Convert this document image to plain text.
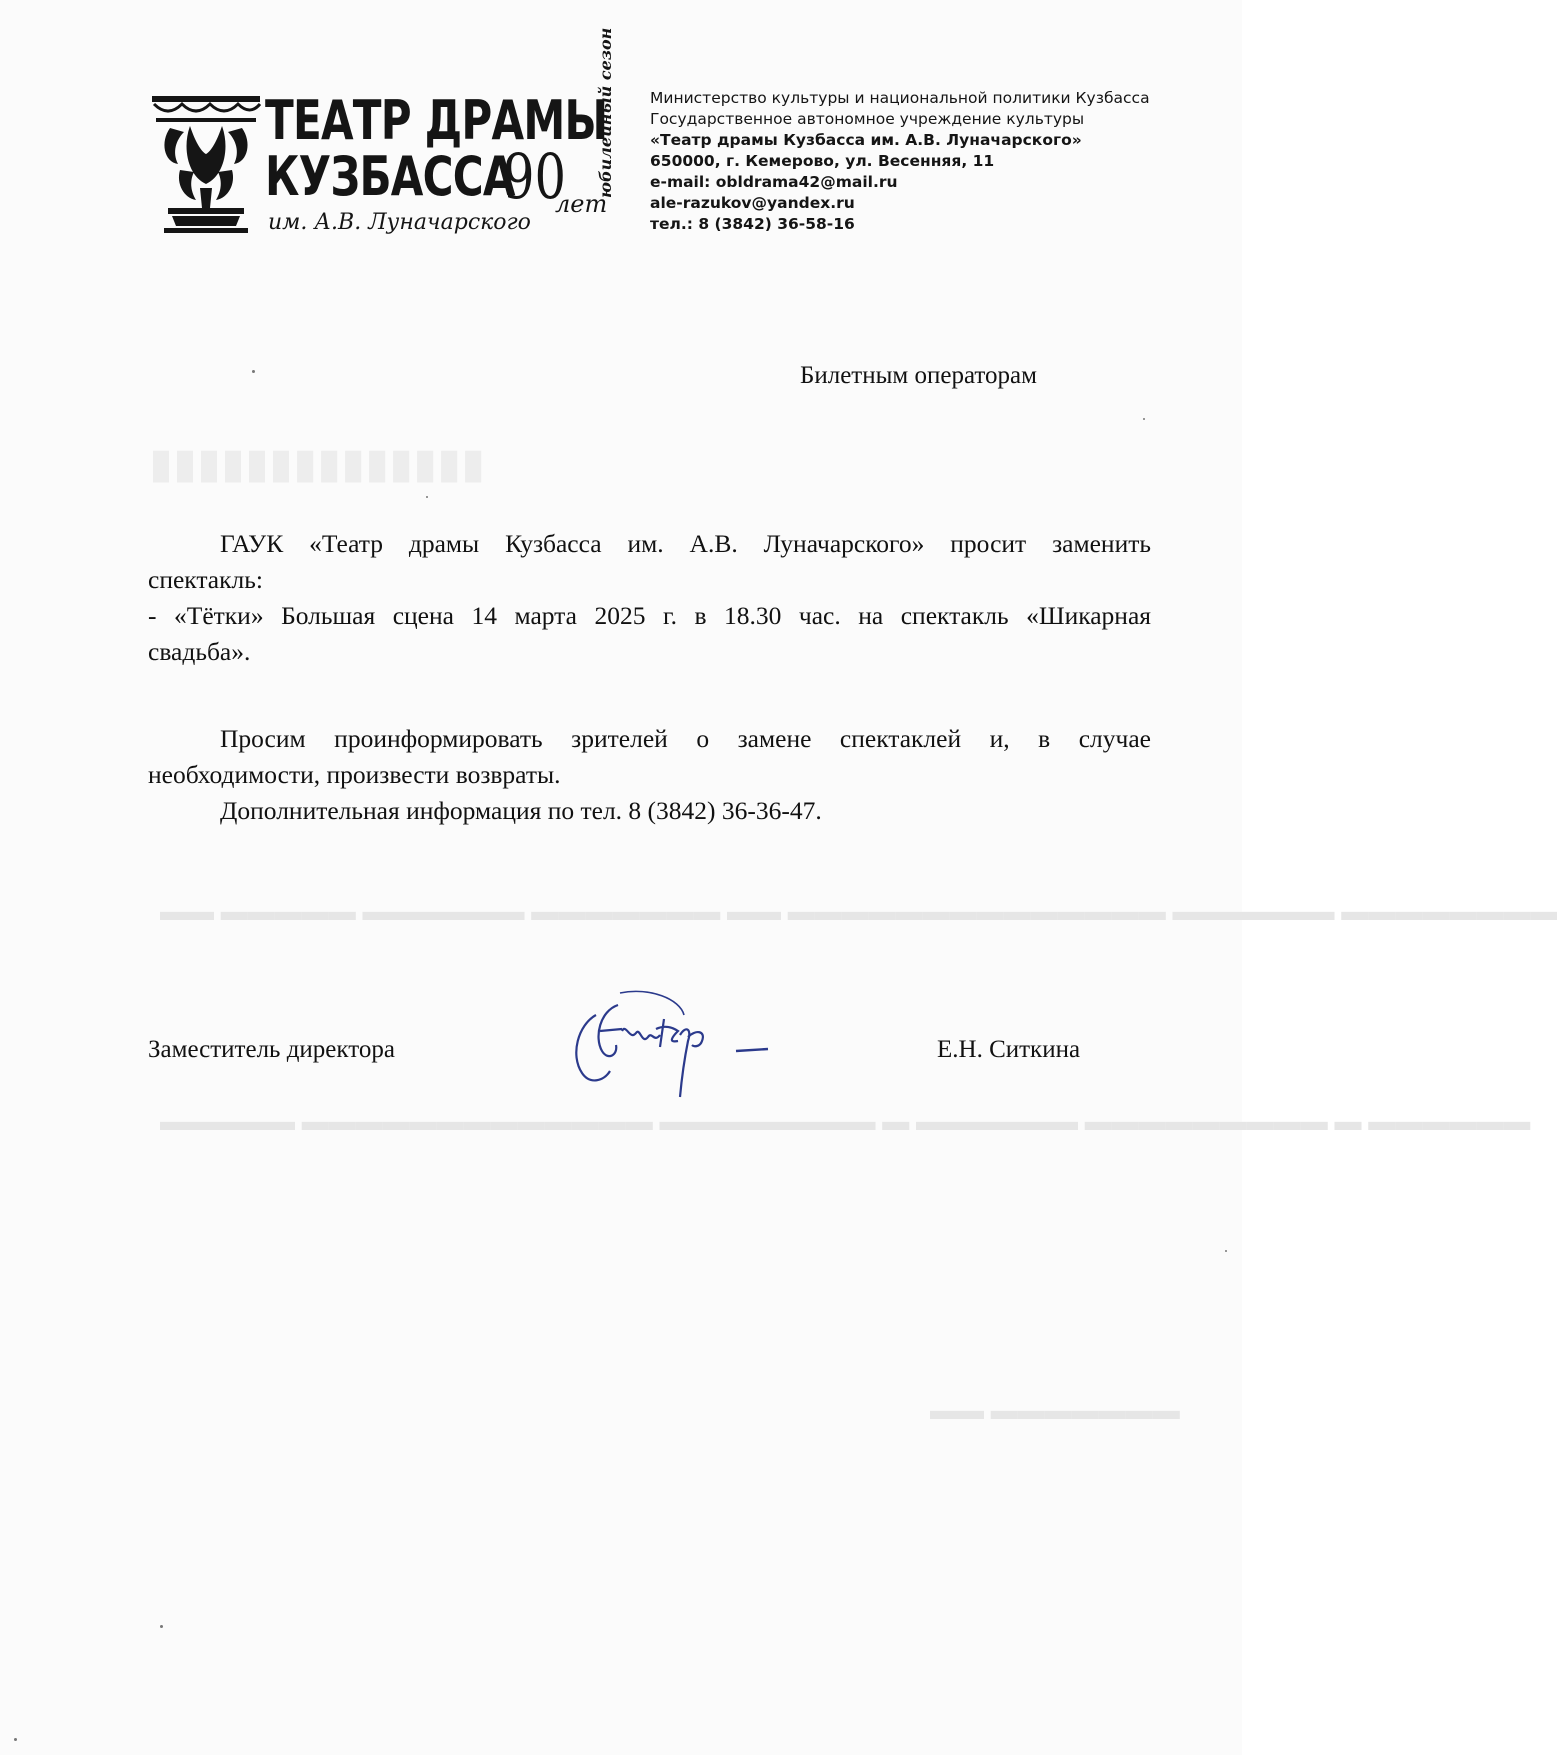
▮▮▮▮▮▮▮▮▮▮▮▮▮▮
▬▬ ▬▬▬▬▬ ▬▬▬▬▬▬ ▬▬▬▬▬▬▬ ▬▬ ▬▬▬▬▬▬▬▬▬▬▬▬▬▬ ▬▬▬▬▬▬ ▬▬▬▬▬▬▬▬
▬▬▬▬▬ ▬▬▬▬▬▬▬▬▬▬▬▬▬ ▬▬▬▬▬▬▬▬ ▬ ▬▬▬▬▬▬ ▬▬▬▬▬▬▬▬▬ ▬ ▬▬▬▬▬▬
▬▬ ▬▬▬▬▬▬▬
ТЕАТР ДРАМЫ
КУЗБАССА
90
лет
юбилейный сезон
им. А.В. Луначарского
Министерство культуры и национальной политики Кузбасса
Государственное автономное учреждение культуры
«Театр драмы Кузбасса им. А.В. Луначарского»
650000, г. Кемерово, ул. Весенняя, 11
e-mail: obldrama42@mail.ru
ale-razukov@yandex.ru
тел.: 8 (3842) 36-58-16
Билетным операторам
ГАУК «Театр драмы Кузбасса им. А.В. Луначарского» просит заменить
спектакль:
- «Тётки» Большая сцена 14 марта 2025 г. в 18.30 час. на спектакль «Шикарная
свадьба».
Просим проинформировать зрителей о замене спектаклей и, в случае
необходимости, произвести возвраты.
Дополнительная информация по тел. 8 (3842) 36-36-47.
Заместитель директора	Е.Н. Ситкина
